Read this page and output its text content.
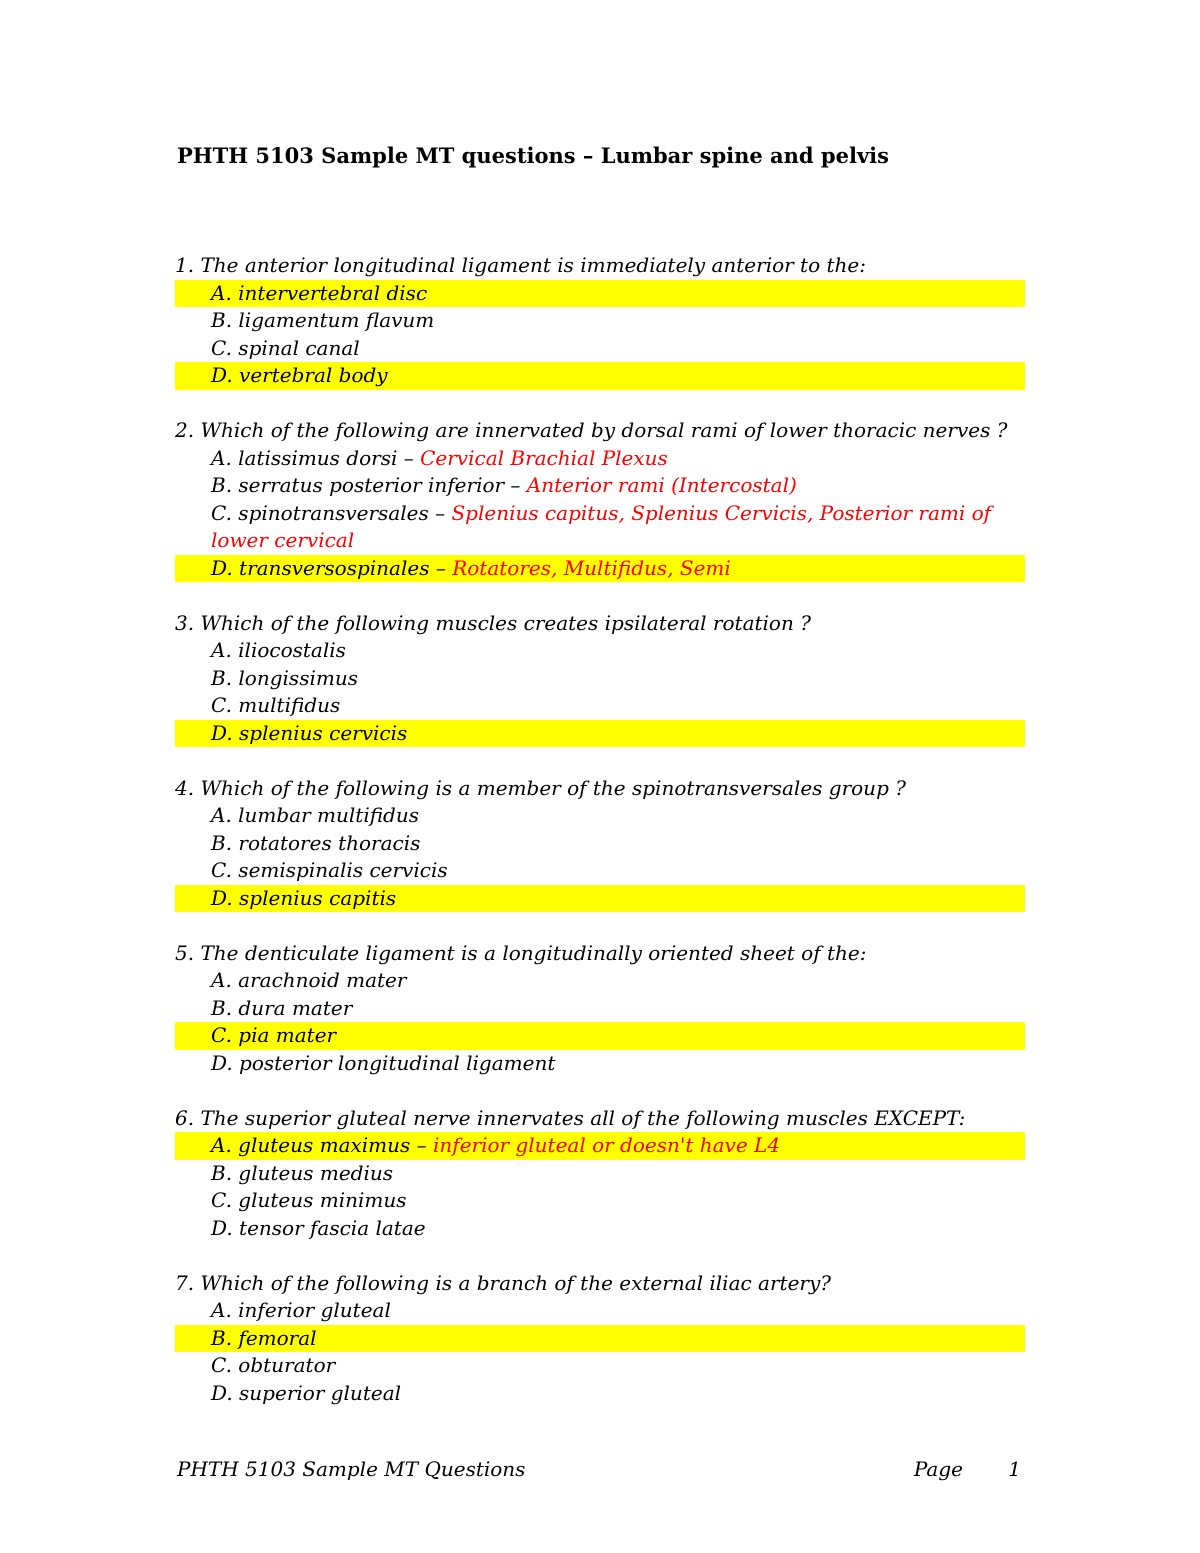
PHTH 5103 Sample MT questions – Lumbar spine and pelvis
1. The anterior longitudinal ligament is immediately anterior to the:
A. intervertebral disc
B. ligamentum flavum
C. spinal canal
D. vertebral body
2. Which of the following are innervated by dorsal rami of lower thoracic nerves ?
A. latissimus dorsi – Cervical Brachial Plexus
B. serratus posterior inferior – Anterior rami (Intercostal)
C. spinotransversales – Splenius capitus, Splenius Cervicis, Posterior rami of lower cervical
D. transversospinales – Rotatores, Multifidus, Semi
3. Which of the following muscles creates ipsilateral rotation ?
A. iliocostalis
B. longissimus
C. multifidus
D. splenius cervicis
4. Which of the following is a member of the spinotransversales group ?
A. lumbar multifidus
B. rotatores thoracis
C. semispinalis cervicis
D. splenius capitis
5. The denticulate ligament is a longitudinally oriented sheet of the:
A. arachnoid mater
B. dura mater
C. pia mater
D. posterior longitudinal ligament
6. The superior gluteal nerve innervates all of the following muscles EXCEPT:
A. gluteus maximus – inferior gluteal or doesn't have L4
B. gluteus medius
C. gluteus minimus
D. tensor fascia latae
7. Which of the following is a branch of the external iliac artery?
A. inferior gluteal
B. femoral
C. obturator
D. superior gluteal
PHTH 5103 Sample MT Questions	Page 1
